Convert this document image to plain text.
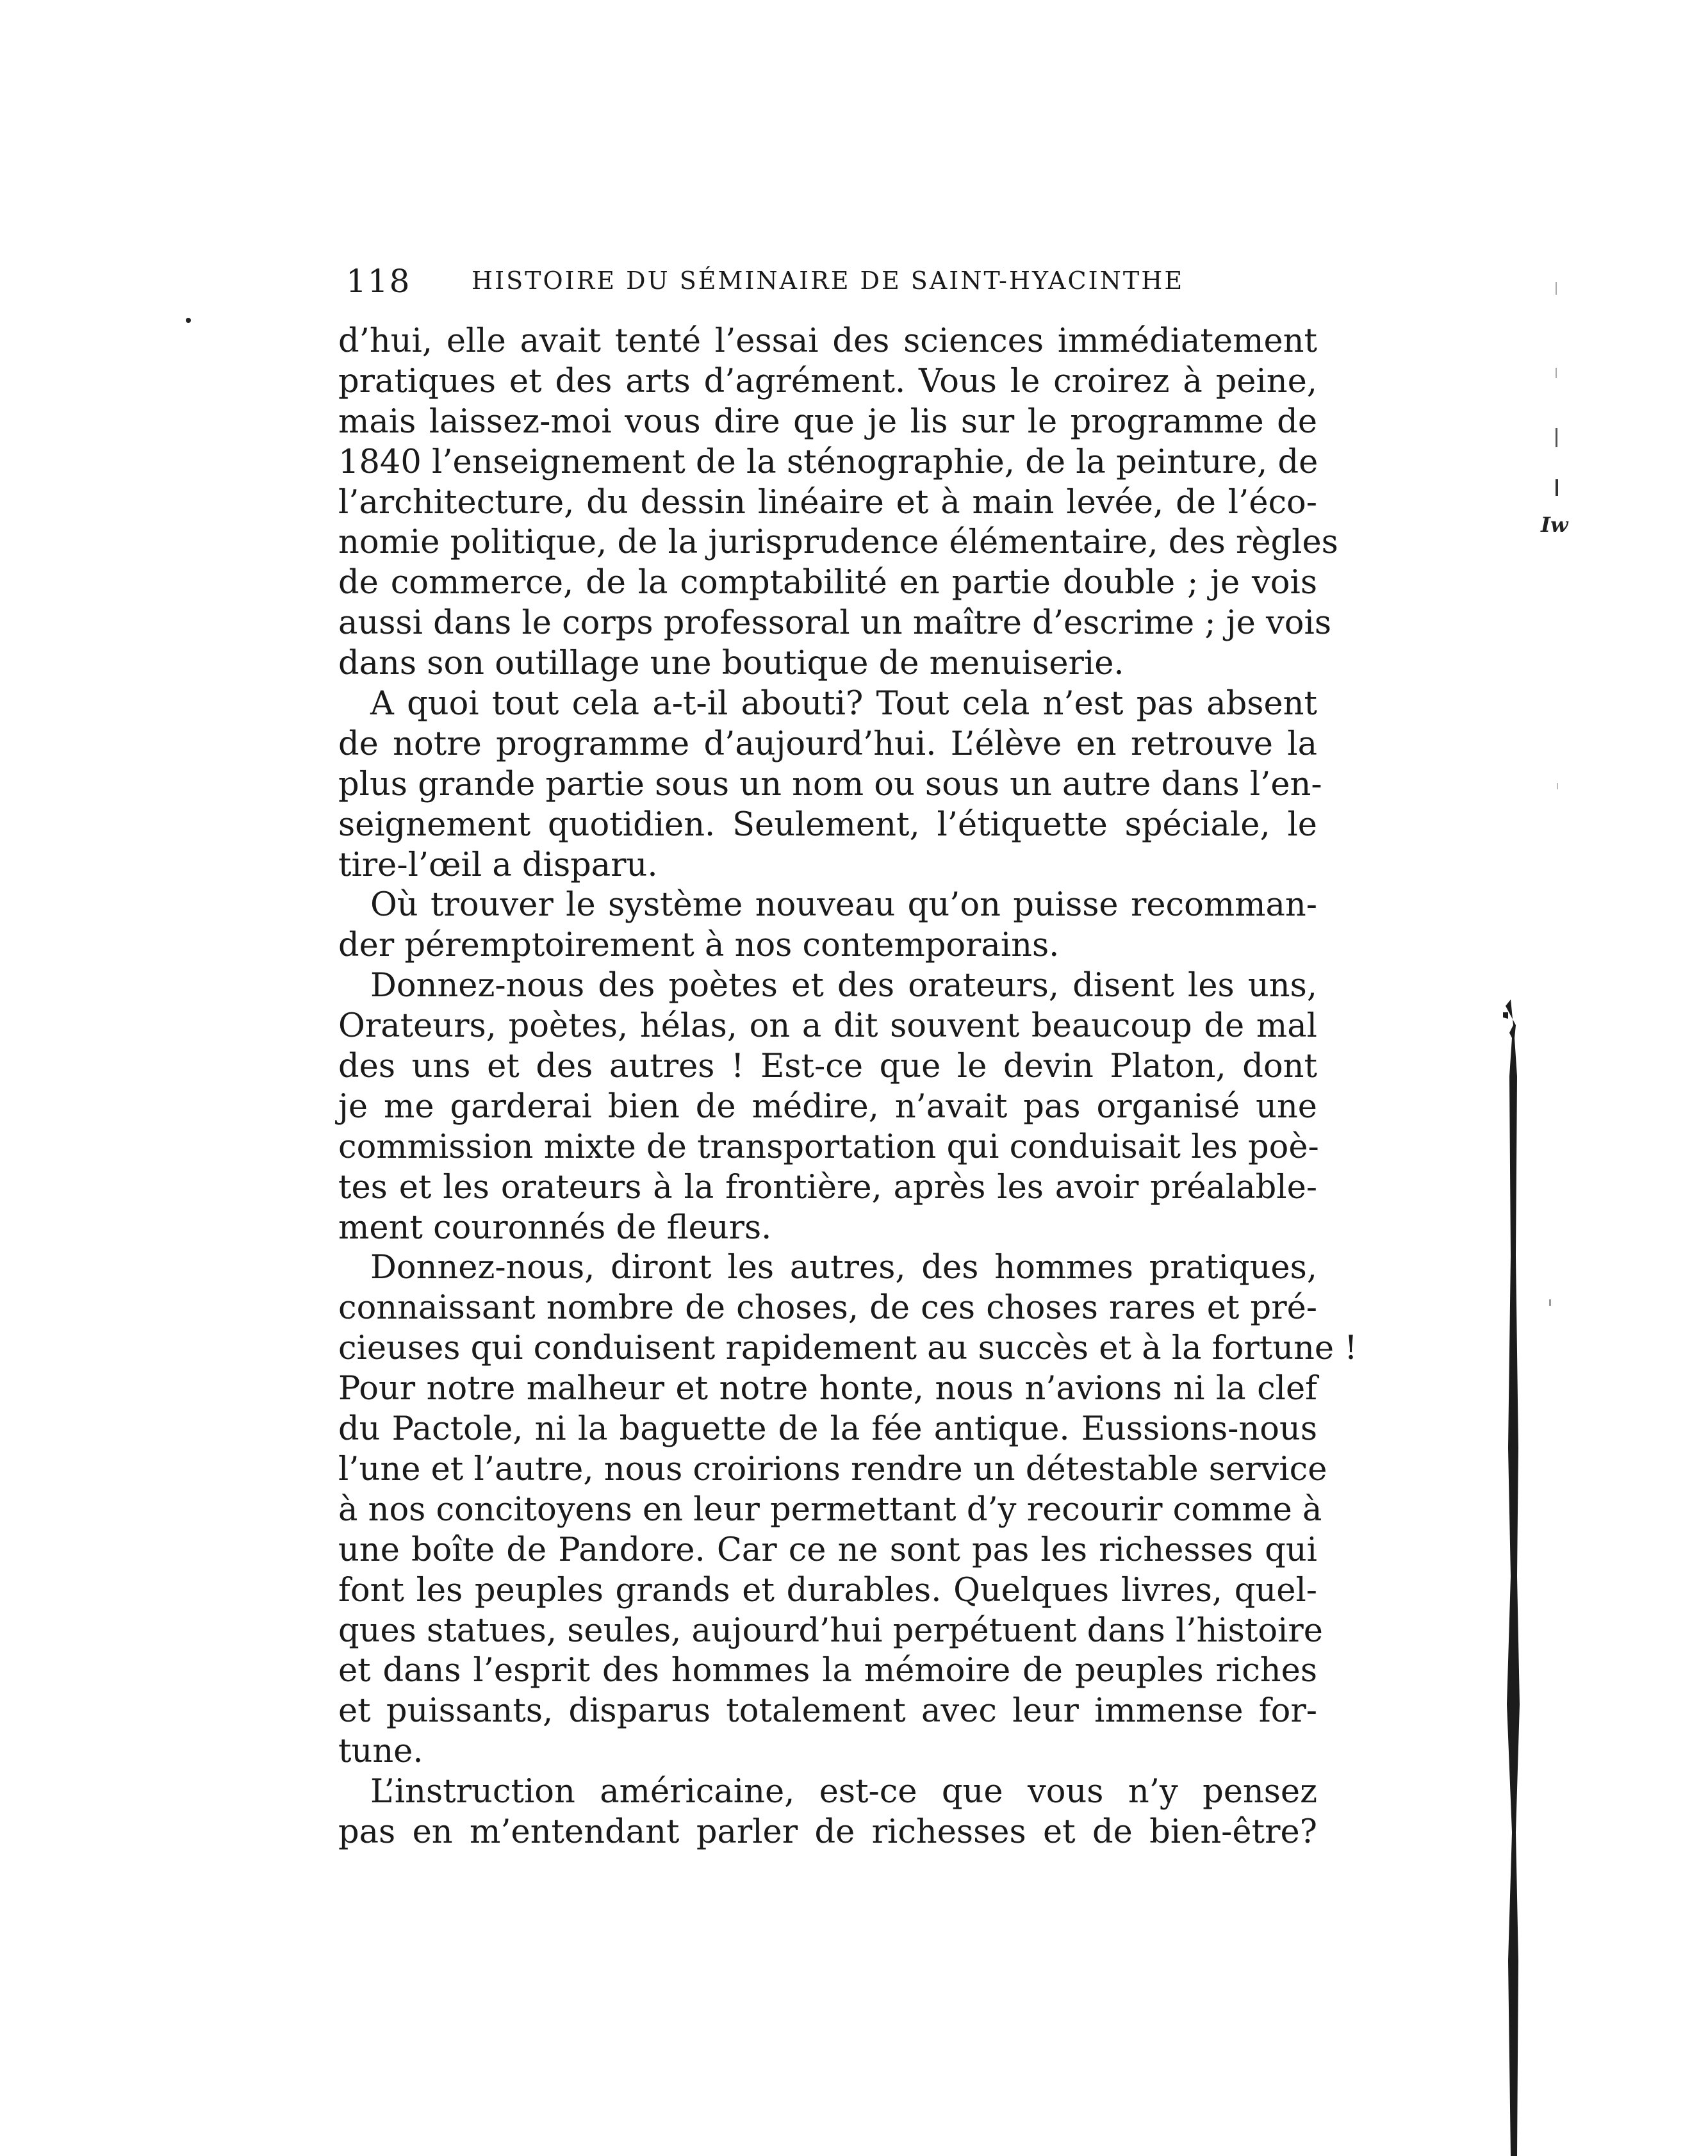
118 HISTOIRE DU SÉMINAIRE DE SAINT-HYACINTHE
d’hui, elle avait tenté l’essai des sciences immédiatement
pratiques et des arts d’agrément. Vous le croirez à peine,
mais laissez-moi vous dire que je lis sur le programme de
1840 l’enseignement de la sténographie, de la peinture, de
l’architecture, du dessin linéaire et à main levée, de l’éco-
nomie politique, de la jurisprudence élémentaire, des règles
de commerce, de la comptabilité en partie double ; je vois
aussi dans le corps professoral un maître d’escrime ; je vois
dans son outillage une boutique de menuiserie.
A quoi tout cela a-t-il abouti? Tout cela n’est pas absent
de notre programme d’aujourd’hui. L’élève en retrouve la
plus grande partie sous un nom ou sous un autre dans l’en-
seignement quotidien. Seulement, l’étiquette spéciale, le
tire-l’œil a disparu.
Où trouver le système nouveau qu’on puisse recomman-
der péremptoirement à nos contemporains.
Donnez-nous des poètes et des orateurs, disent les uns,
Orateurs, poètes, hélas, on a dit souvent beaucoup de mal
des uns et des autres ! Est-ce que le devin Platon, dont
je me garderai bien de médire, n’avait pas organisé une
commission mixte de transportation qui conduisait les poè-
tes et les orateurs à la frontière, après les avoir préalable-
ment couronnés de fleurs.
Donnez-nous, diront les autres, des hommes pratiques,
connaissant nombre de choses, de ces choses rares et pré-
cieuses qui conduisent rapidement au succès et à la fortune !
Pour notre malheur et notre honte, nous n’avions ni la clef
du Pactole, ni la baguette de la fée antique. Eussions-nous
l’une et l’autre, nous croirions rendre un détestable service
à nos concitoyens en leur permettant d’y recourir comme à
une boîte de Pandore. Car ce ne sont pas les richesses qui
font les peuples grands et durables. Quelques livres, quel-
ques statues, seules, aujourd’hui perpétuent dans l’histoire
et dans l’esprit des hommes la mémoire de peuples riches
et puissants, disparus totalement avec leur immense for-
tune.
L’instruction américaine, est-ce que vous n’y pensez
pas en m’entendant parler de richesses et de bien-être?
Iw
